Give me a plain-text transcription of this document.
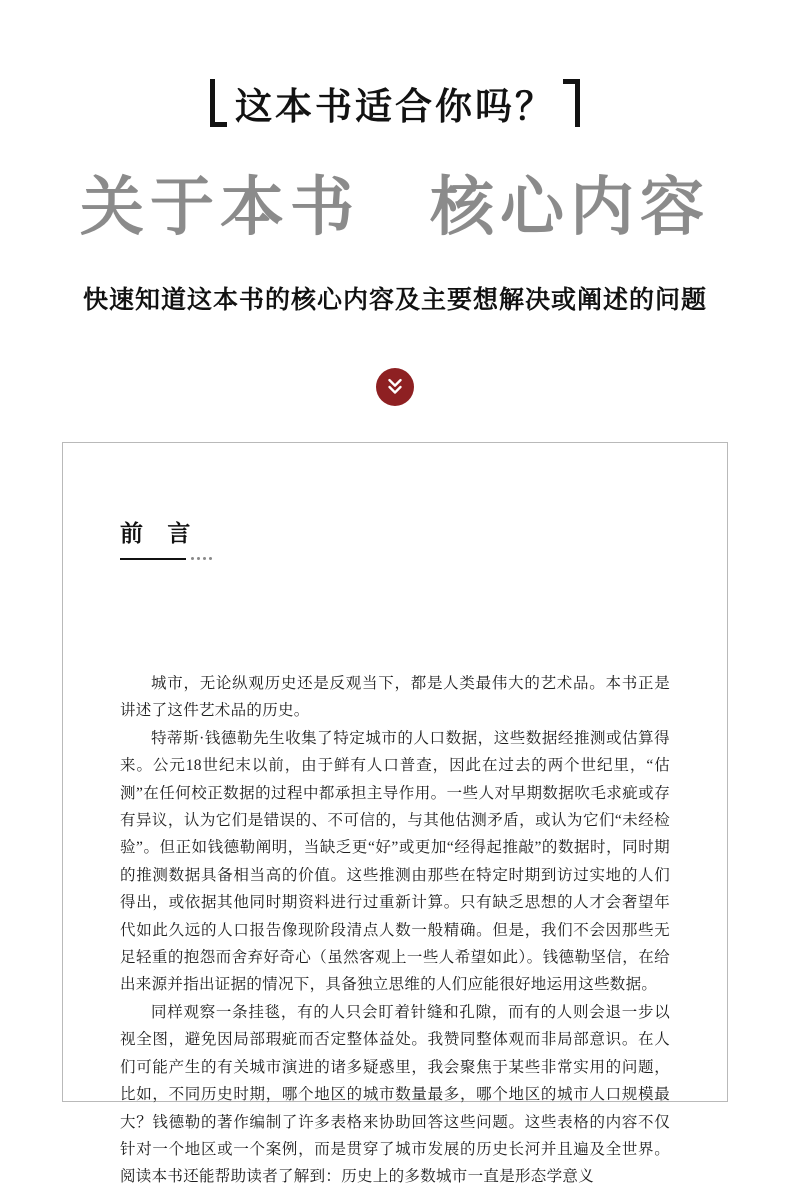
这本书适合你吗？
关于本书　核心内容

快速知道这本书的核心内容及主要想解决或阐述的问题

前 言

城市，无论纵观历史还是反观当下，都是人类最伟大的艺术品。本书正是讲述了这件艺术品的历史。

特蒂斯·钱德勒先生收集了特定城市的人口数据，这些数据经推测或估算得来。公元18世纪末以前，由于鲜有人口普查，因此在过去的两个世纪里，“估测”在任何校正数据的过程中都承担主导作用。一些人对早期数据吹毛求疵或存有异议，认为它们是错误的、不可信的，与其他估测矛盾，或认为它们“未经检验”。但正如钱德勒阐明，当缺乏更“好”或更加“经得起推敲”的数据时，同时期的推测数据具备相当高的价值。这些推测由那些在特定时期到访过实地的人们得出，或依据其他同时期资料进行过重新计算。只有缺乏思想的人才会奢望年代如此久远的人口报告像现阶段清点人数一般精确。但是，我们不会因那些无足轻重的抱怨而舍弃好奇心（虽然客观上一些人希望如此）。钱德勒坚信，在给出来源并指出证据的情况下，具备独立思维的人们应能很好地运用这些数据。

同样观察一条挂毯，有的人只会盯着针缝和孔隙，而有的人则会退一步以视全图，避免因局部瑕疵而否定整体益处。我赞同整体观而非局部意识。在人们可能产生的有关城市演进的诸多疑惑里，我会聚焦于某些非常实用的问题，比如，不同历史时期，哪个地区的城市数量最多，哪个地区的城市人口规模最大？钱德勒的著作编制了许多表格来协助回答这些问题。这些表格的内容不仅针对一个地区或一个案例，而是贯穿了城市发展的历史长河并且遍及全世界。阅读本书还能帮助读者了解到：历史上的多数城市一直是形态学意义
